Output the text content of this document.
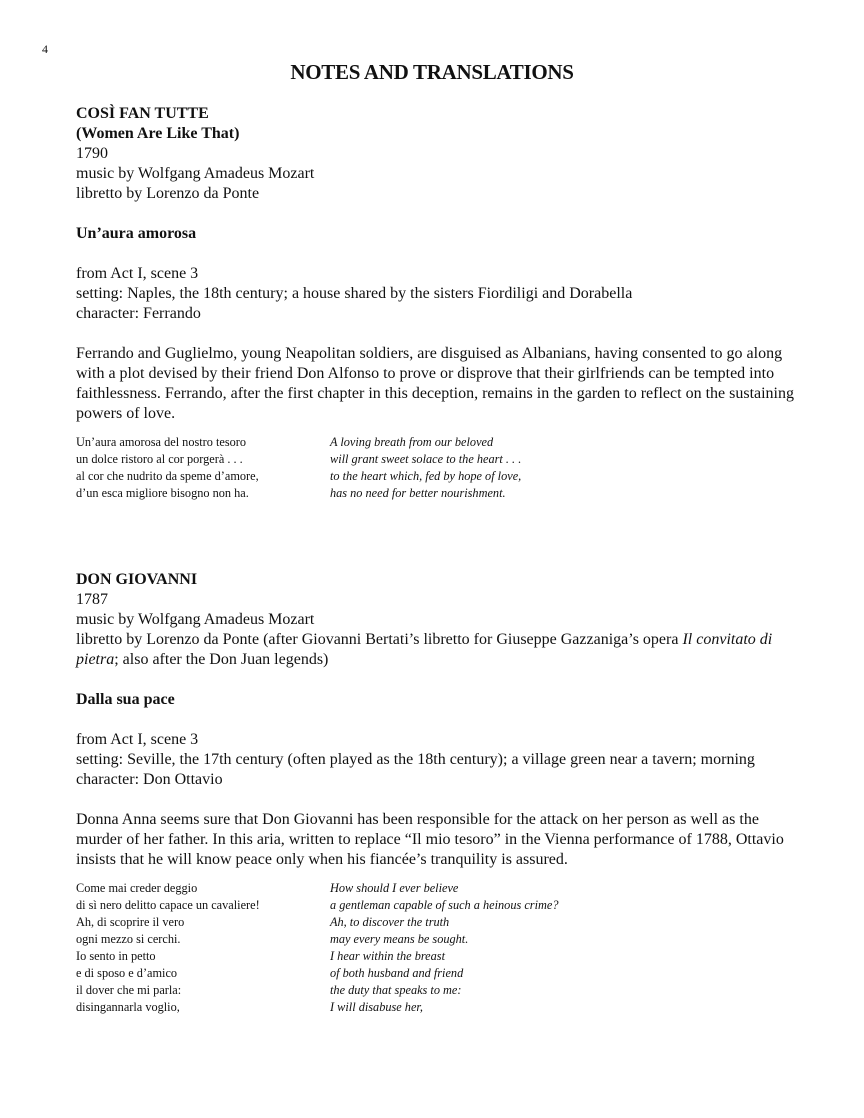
4
NOTES AND TRANSLATIONS
COSÌ FAN TUTTE
(Women Are Like That)
1790
music by Wolfgang Amadeus Mozart
libretto by Lorenzo da Ponte
Un’aura amorosa
from Act I, scene 3
setting: Naples, the 18th century; a house shared by the sisters Fiordiligi and Dorabella
character: Ferrando

Ferrando and Guglielmo, young Neapolitan soldiers, are disguised as Albanians, having consented to go along with a plot devised by their friend Don Alfonso to prove or disprove that their girlfriends can be tempted into faithlessness. Ferrando, after the first chapter in this deception, remains in the garden to reflect on the sustaining powers of love.

Un’aura amorosa del nostro tesoro	A loving breath from our beloved
un dolce ristoro al cor porgerà . . .	will grant sweet solace to the heart . . .
al cor che nudrito da speme d’amore,	to the heart which, fed by hope of love,
d’un esca migliore bisogno non ha.	has no need for better nourishment.
DON GIOVANNI
1787
music by Wolfgang Amadeus Mozart

libretto by Lorenzo da Ponte (after Giovanni Bertati’s libretto for Giuseppe Gazzaniga’s opera Il convitato di pietra; also after the Don Juan legends)

Dalla sua pace
from Act I, scene 3

setting: Seville, the 17th century (often played as the 18th century); a village green near a tavern; morning

character: Don Ottavio

Donna Anna seems sure that Don Giovanni has been responsible for the attack on her person as well as the murder of her father. In this aria, written to replace “Il mio tesoro” in the Vienna performance of 1788, Ottavio insists that he will know peace only when his fiancée’s tranquility is assured.

Come mai creder deggio	How should I ever believe
di sì nero delitto capace un cavaliere!	a gentleman capable of such a heinous crime?
Ah, di scoprire il vero	Ah, to discover the truth
ogni mezzo si cerchi.	may every means be sought.
Io sento in petto	I hear within the breast
e di sposo e d’amico	of both husband and friend
il dover che mi parla:	the duty that speaks to me:
disingannarla voglio,	I will disabuse her,
